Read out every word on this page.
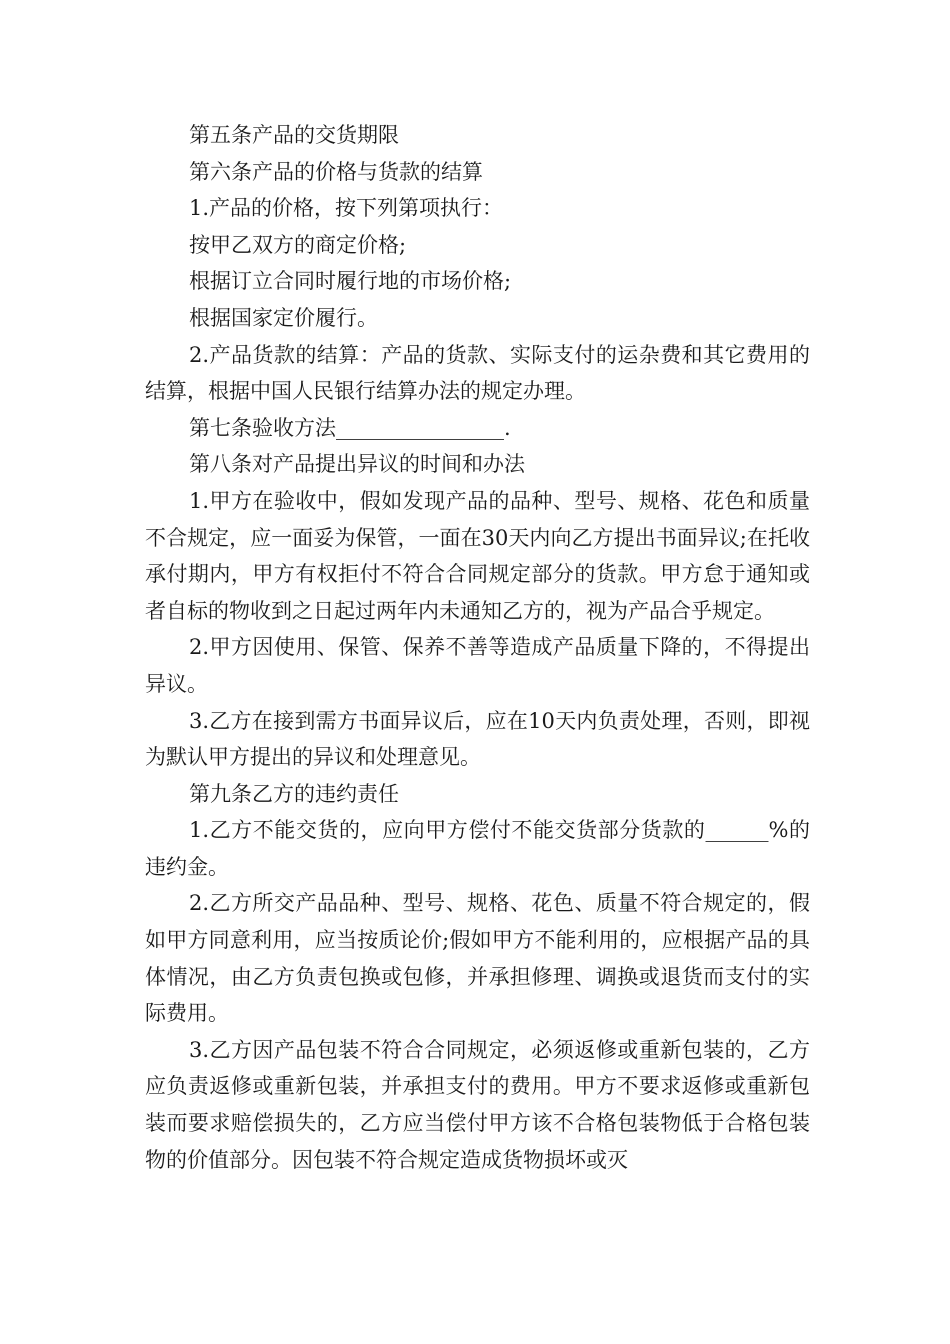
第五条产品的交货期限

第六条产品的价格与货款的结算

1.产品的价格，按下列第项执行：

按甲乙双方的商定价格;

根据订立合同时履行地的市场价格;

根据国家定价履行。

2.产品货款的结算：产品的货款、实际支付的运杂费和其它费用的结算，根据中国人民银行结算办法的规定办理。

第七条验收方法________________.

第八条对产品提出异议的时间和办法

1.甲方在验收中，假如发现产品的品种、型号、规格、花色和质量不合规定，应一面妥为保管，一面在30天内向乙方提出书面异议;在托收承付期内，甲方有权拒付不符合合同规定部分的货款。甲方怠于通知或者自标的物收到之日起过两年内未通知乙方的，视为产品合乎规定。

2.甲方因使用、保管、保养不善等造成产品质量下降的，不得提出异议。

3.乙方在接到需方书面异议后，应在10天内负责处理，否则，即视为默认甲方提出的异议和处理意见。

第九条乙方的违约责任

1.乙方不能交货的，应向甲方偿付不能交货部分货款的______%的违约金。

2.乙方所交产品品种、型号、规格、花色、质量不符合规定的，假如甲方同意利用，应当按质论价;假如甲方不能利用的，应根据产品的具体情况，由乙方负责包换或包修，并承担修理、调换或退货而支付的实际费用。

3.乙方因产品包装不符合合同规定，必须返修或重新包装的，乙方应负责返修或重新包装，并承担支付的费用。甲方不要求返修或重新包装而要求赔偿损失的，乙方应当偿付甲方该不合格包装物低于合格包装物的价值部分。因包装不符合规定造成货物损坏或灭
